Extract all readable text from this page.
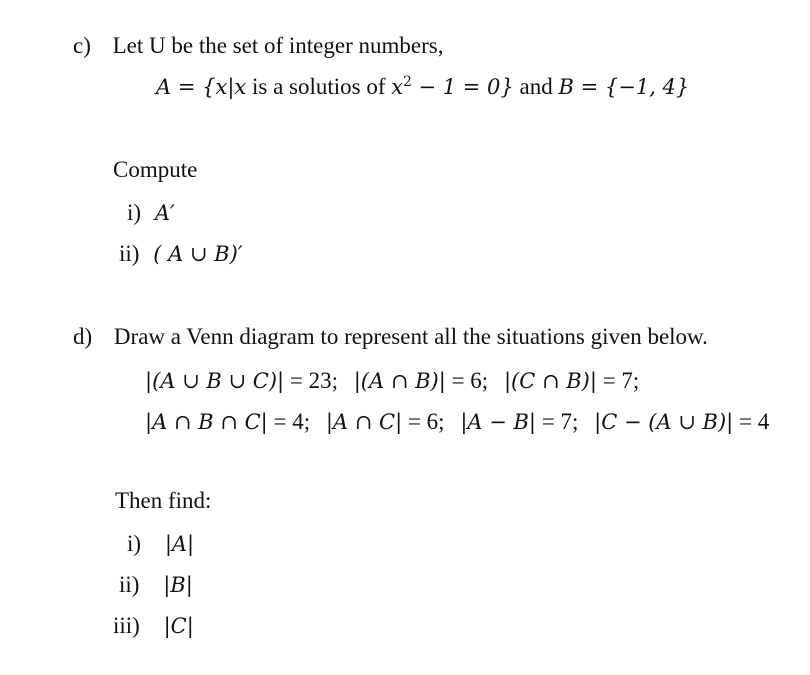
c) Let U be the set of integer numbers,
A = {x|x is a solutios of $x^2 - 1 = 0$} and B = {−1, 4}
Compute
i) A′
ii) ( A ∪ B)′
d) Draw a Venn diagram to represent all the situations given below.
|(A ∪ B ∪ C)| = 23; |(A ∩ B)| = 6; |(C ∩ B)| = 7;
|A ∩ B ∩ C| = 4; |A ∩ C| = 6; |A − B| = 7; |C − (A ∪ B)| = 4
Then find:
i) |A|
ii) |B|
iii) |C|
